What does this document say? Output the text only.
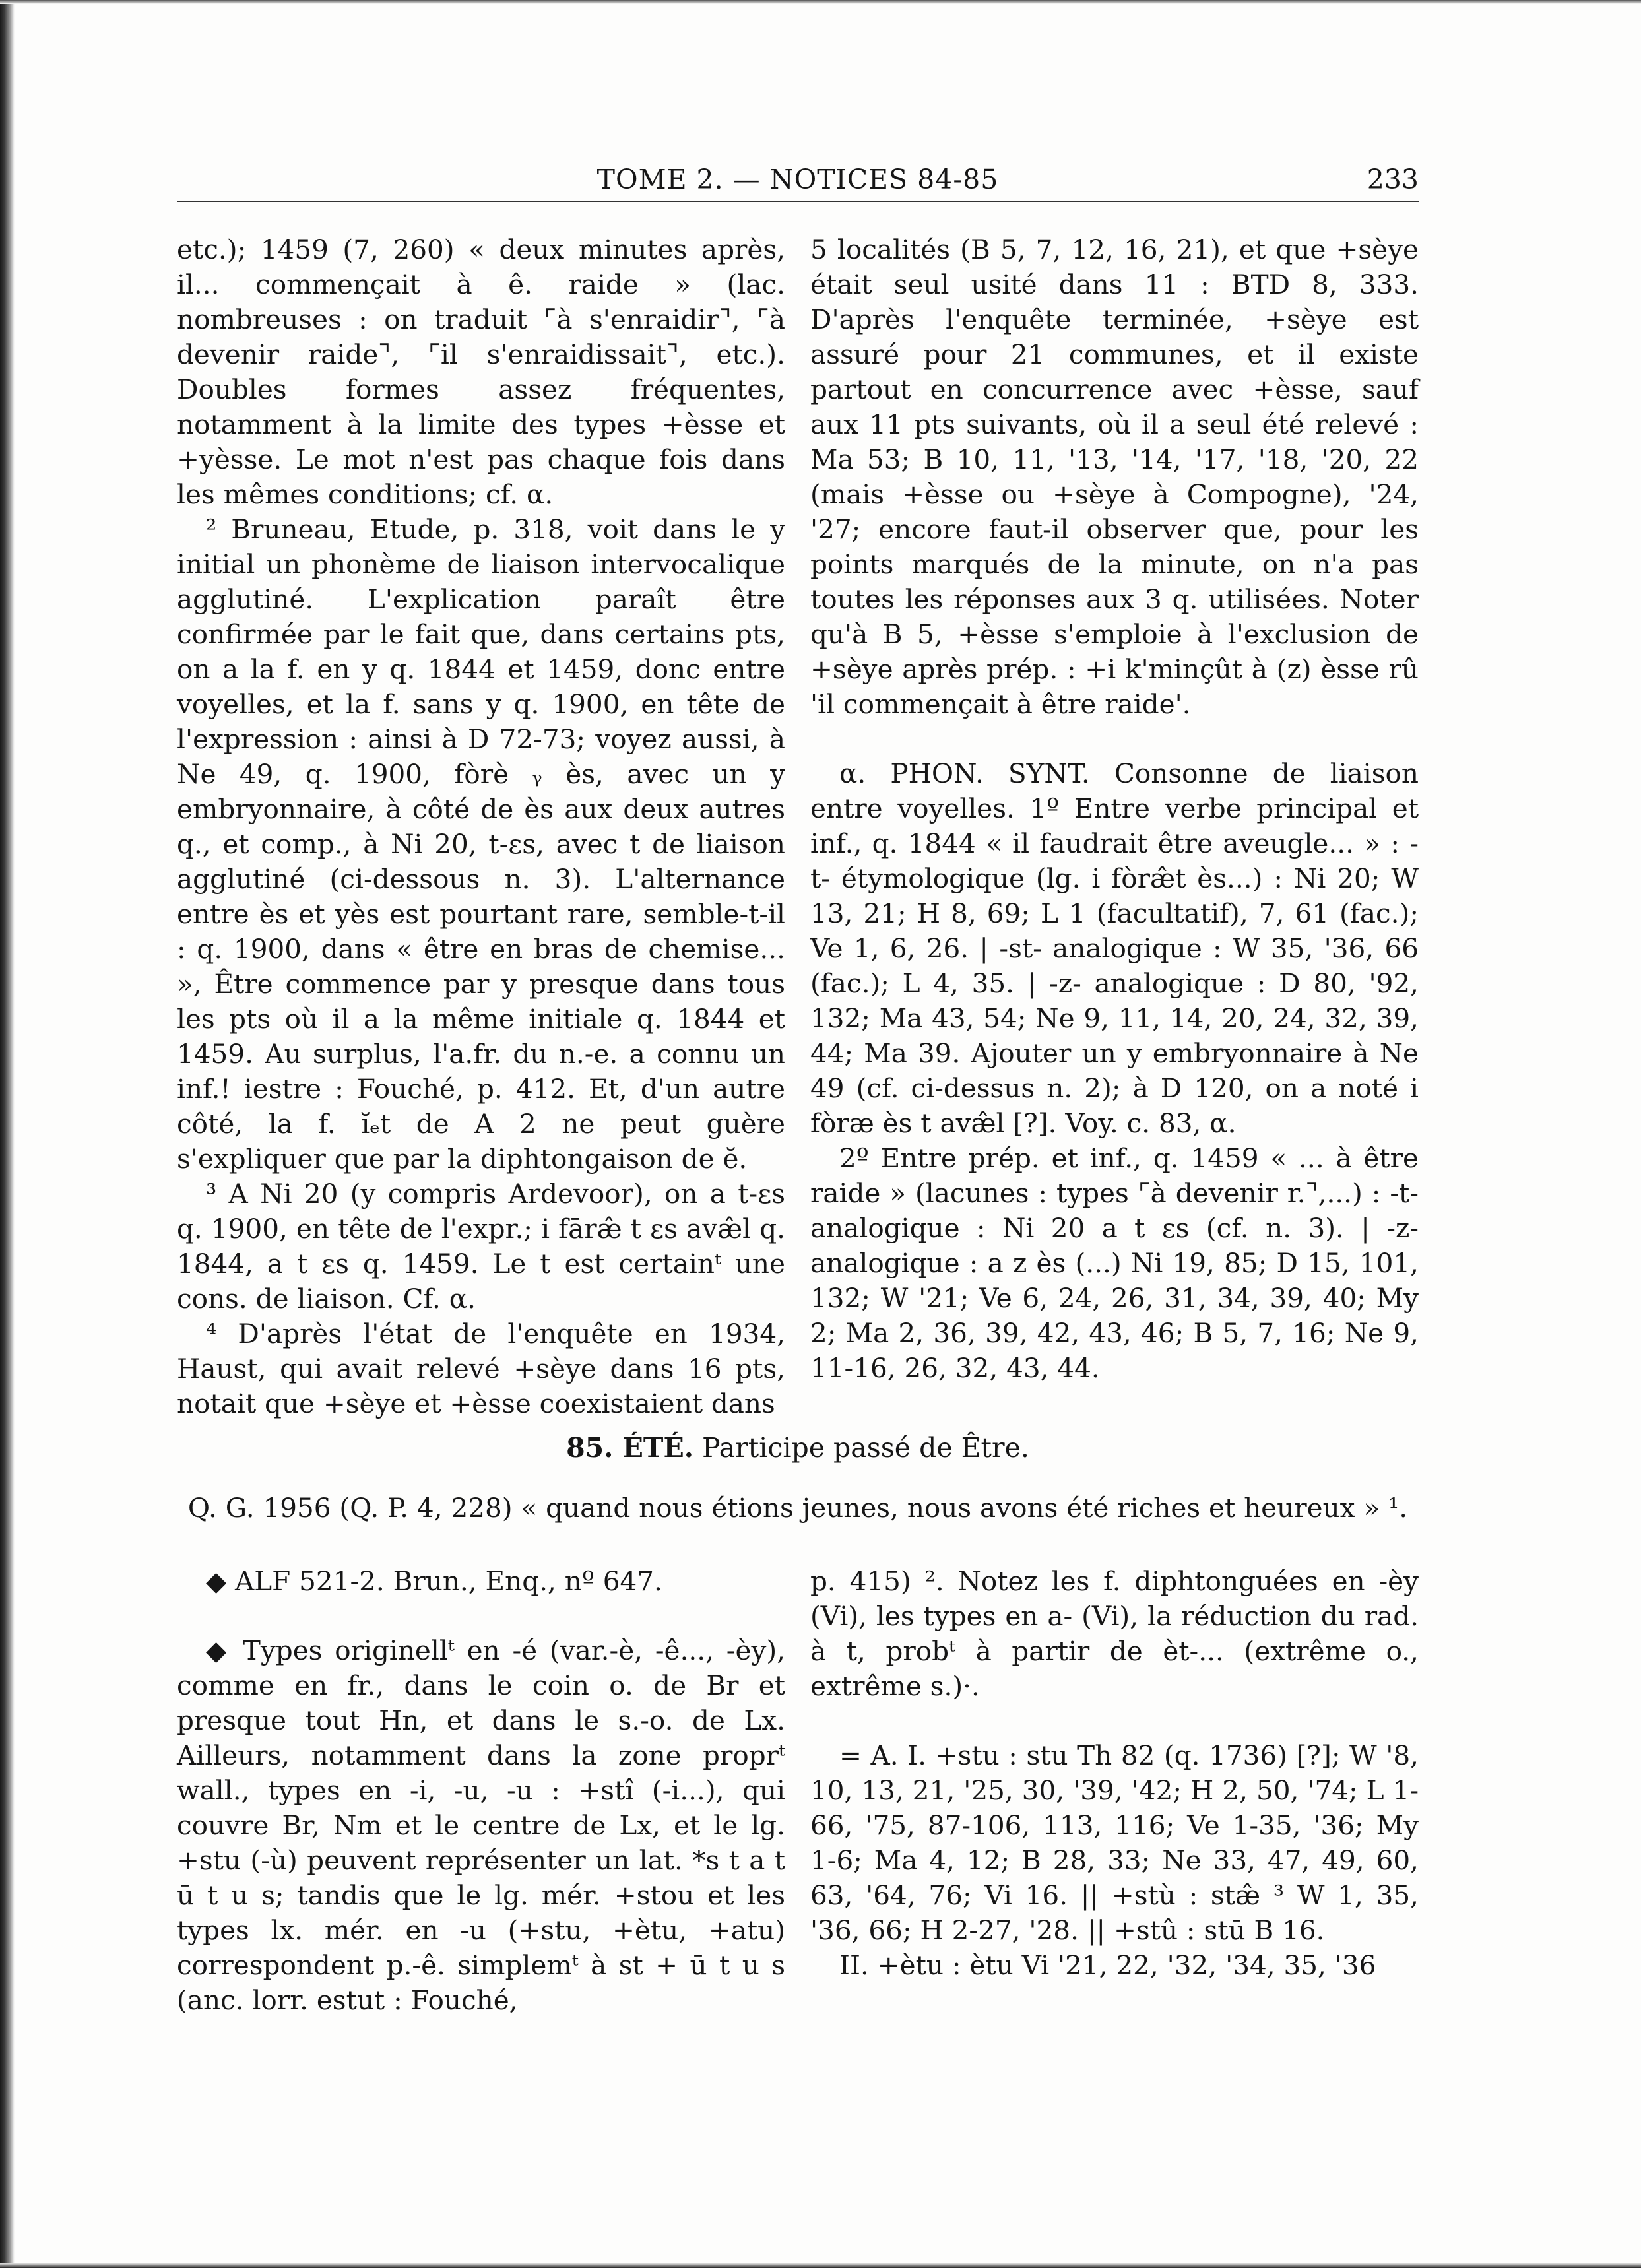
TOME 2. — NOTICES 84-85	233

etc.); 1459 (7, 260) « deux minutes après, il... commençait à ê. raide » (lac. nombreuses : on traduit ⌜à s'enraidir⌝, ⌜à devenir raide⌝, ⌜il s'enraidissait⌝, etc.). Doubles formes assez fréquentes, notamment à la limite des types +èsse et +yèsse. Le mot n'est pas chaque fois dans les mêmes conditions; cf. α.

² Bruneau, Etude, p. 318, voit dans le y initial un phonème de liaison intervocalique agglutiné. L'explication paraît être confirmée par le fait que, dans certains pts, on a la f. en y q. 1844 et 1459, donc entre voyelles, et la f. sans y q. 1900, en tête de l'expression : ainsi à D 72-73; voyez aussi, à Ne 49, q. 1900, fòrè ᵧ ès, avec un y embryonnaire, à côté de ès aux deux autres q., et comp., à Ni 20, t-εs, avec t de liaison agglutiné (ci-dessous n. 3). L'alternance entre ès et yès est pourtant rare, semble-t-il : q. 1900, dans « être en bras de chemise... », Être commence par y presque dans tous les pts où il a la même initiale q. 1844 et 1459. Au surplus, l'a.fr. du n.-e. a connu un inf.! iestre : Fouché, p. 412. Et, d'un autre côté, la f. ĭₑt de A 2 ne peut guère s'expliquer que par la diphtongaison de ĕ.

³ A Ni 20 (y compris Ardevoor), on a t-εs q. 1900, en tête de l'expr.; i fāræ̂ t εs avæ̂l q. 1844, a t εs q. 1459. Le t est certainᵗ une cons. de liaison. Cf. α.

⁴ D'après l'état de l'enquête en 1934, Haust, qui avait relevé +sèye dans 16 pts, notait que +sèye et +èsse coexistaient dans

5 localités (B 5, 7, 12, 16, 21), et que +sèye était seul usité dans 11 : BTD 8, 333. D'après l'enquête terminée, +sèye est assuré pour 21 communes, et il existe partout en concurrence avec +èsse, sauf aux 11 pts suivants, où il a seul été relevé : Ma 53; B 10, 11, '13, '14, '17, '18, '20, 22 (mais +èsse ou +sèye à Compogne), '24, '27; encore faut-il observer que, pour les points marqués de la minute, on n'a pas toutes les réponses aux 3 q. utilisées. Noter qu'à B 5, +èsse s'emploie à l'exclusion de +sèye après prép. : +i k'minçût à (z) èsse rû 'il commençait à être raide'.

α. PHON. SYNT. Consonne de liaison entre voyelles. 1º Entre verbe principal et inf., q. 1844 « il faudrait être aveugle... » : -t- étymologique (lg. i fòræ̂t ès...) : Ni 20; W 13, 21; H 8, 69; L 1 (facultatif), 7, 61 (fac.); Ve 1, 6, 26. | -st- analogique : W 35, '36, 66 (fac.); L 4, 35. | -z- analogique : D 80, '92, 132; Ma 43, 54; Ne 9, 11, 14, 20, 24, 32, 39, 44; Ma 39. Ajouter un y embryonnaire à Ne 49 (cf. ci-dessus n. 2); à D 120, on a noté i fòræ ès t avæ̂l [?]. Voy. c. 83, α.

2º Entre prép. et inf., q. 1459 « ... à être raide » (lacunes : types ⌜à devenir r.⌝,...) : -t- analogique : Ni 20 a t εs (cf. n. 3). | -z- analogique : a z ès (...) Ni 19, 85; D 15, 101, 132; W '21; Ve 6, 24, 26, 31, 34, 39, 40; My 2; Ma 2, 36, 39, 42, 43, 46; B 5, 7, 16; Ne 9, 11-16, 26, 32, 43, 44.

85. ÉTÉ. Participe passé de Être.
Q. G. 1956 (Q. P. 4, 228) « quand nous étions jeunes, nous avons été riches et heureux » ¹.

◆ ALF 521-2. Brun., Enq., nº 647.

◆ Types originellᵗ en -é (var.-è, -ê..., -èy), comme en fr., dans le coin o. de Br et presque tout Hn, et dans le s.-o. de Lx. Ailleurs, notamment dans la zone proprᵗ wall., types en -i, -u, -u : +stî (-i...), qui couvre Br, Nm et le centre de Lx, et le lg. +stu (-ù) peuvent représenter un lat. *s t a t ū t u s; tandis que le lg. mér. +stou et les types lx. mér. en -u (+stu, +ètu, +atu) correspondent p.-ê. simplemᵗ à st + ū t u s (anc. lorr. estut : Fouché,

p. 415) ². Notez les f. diphtonguées en -èy (Vi), les types en a- (Vi), la réduction du rad. à t, probᵗ à partir de èt-... (extrême o., extrême s.)·.

= A. I. +stu : stu Th 82 (q. 1736) [?]; W '8, 10, 13, 21, '25, 30, '39, '42; H 2, 50, '74; L 1-66, '75, 87-106, 113, 116; Ve 1-35, '36; My 1-6; Ma 4, 12; B 28, 33; Ne 33, 47, 49, 60, 63, '64, 76; Vi 16. || +stù : stæ̂ ³ W 1, 35, '36, 66; H 2-27, '28. || +stû : stū B 16.

II. +ètu : ètu Vi '21, 22, '32, '34, 35, '36
